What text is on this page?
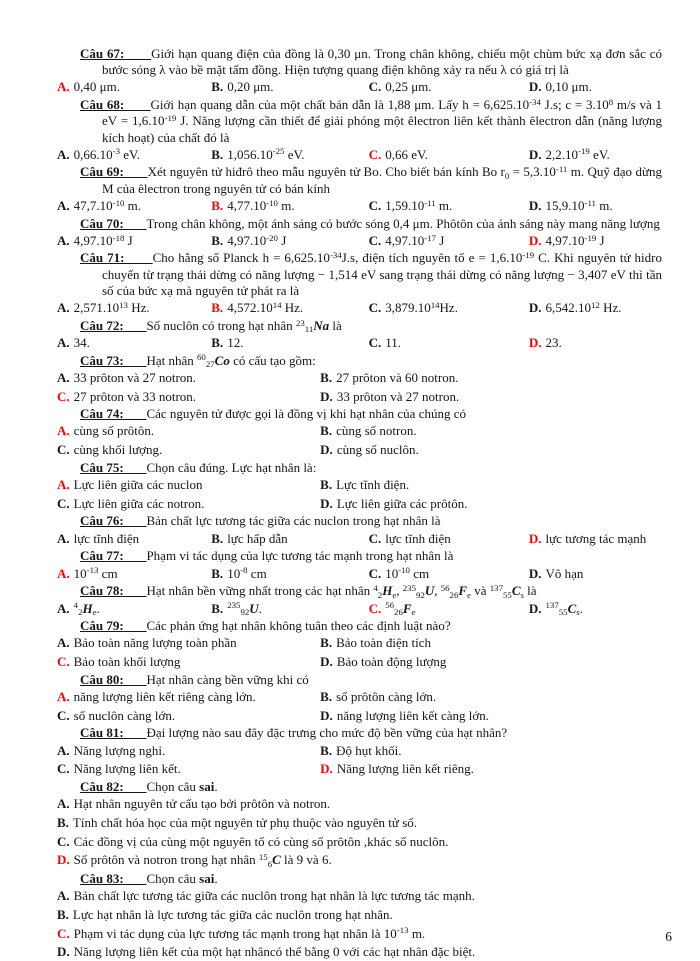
Câu 67: Giới hạn quang điện của đồng là 0,30 μn. Trong chân không, chiếu một chùm bức xạ đơn sắc có bước sóng λ vào bề mặt tấm đồng. Hiện tượng quang điện không xảy ra nếu λ có giá trị là
A. 0,40 μm.	B. 0,20 μm.	C. 0,25 μm.	D. 0,10 μm.
Câu 68: Giới hạn quang dẫn của một chất bán dẫn là 1,88 μm. Lấy $h = 6,625.10^{-34}$ J.s; $c = 3.10^8$ m/s và 1 eV = $1,6.10^{-19}$ J. Năng lượng cần thiết để giải phóng một êlectron liên kết thành êlectron dẫn (năng lượng kích hoạt) của chất đó là
A. $0,66.10^{-3}$ eV.	B. $1,056.10^{-25}$ eV.	C. 0,66 eV.	D. $2,2.10^{-19}$ eV.
Câu 69: Xét nguyên tử hiđrô theo mẫu nguyên tử Bo. Cho biết bán kính Bo $r_0 = 5,3.10^{-11}$ m. Quỹ đạo dừng M của êlectron trong nguyên tử có bán kính
A. $47,7.10^{-10}$ m.	B. $4,77.10^{-10}$ m.	C. $1,59.10^{-11}$ m.	D. $15,9.10^{-11}$ m.
Câu 70: Trong chân không, một ánh sáng có bước sóng 0,4 μm. Phôtôn của ánh sáng này mang năng lượng
A. $4,97.10^{-18}$ J	B. $4,97.10^{-20}$ J	C. $4,97.10^{-17}$ J	D. $4,97.10^{-19}$ J
Câu 71: Cho hằng số Planck $h = 6,625.10^{-34}J.s$, điện tích nguyên tố $e = 1,6.10^{-19}$ C. Khi nguyên tử hidro chuyển từ trạng thái dừng có năng lượng − 1,514 eV sang trạng thái dừng có năng lượng − 3,407 eV thì tần số của bức xạ mà nguyên tử phát ra là
A. 2,571.10$^{13}$ Hz.	B. 4,572.10$^{14}$ Hz.	C. 3,879.10$^{14}$Hz.	D. 6,542.10$^{12}$ Hz.
Câu 72: Số nuclôn có trong hạt nhân $^{23}_{11}$Na là
A. 34.	B. 12.	C. 11.	D. 23.
Câu 73: Hạt nhân $^{60}_{27}$Co có cấu tạo gồm:
A. 33 prôton và 27 notron.	B. 27 prôton và 60 notron.
C. 27 prôton và 33 notron.	D. 33 prôton và 27 notron.
Câu 74: Các nguyên tử được gọi là đồng vị khi hạt nhân của chúng có
A. cùng số prôtôn.	B. cùng số notron.
C. cùng khối lượng.	D. cùng số nuclôn.
Câu 75: Chọn câu đúng. Lực hạt nhân là:
A. Lực liên giữa các nuclon	B. Lực tĩnh điện.
C. Lực liên giữa các notron.	D. Lực liên giữa các prôtôn.
Câu 76: Bản chất lực tương tác giữa các nuclon trong hạt nhân là
A. lực tĩnh điện	B. lực hấp dẫn	C. lực tĩnh điện	D. lực tương tác mạnh
Câu 77: Phạm vi tác dụng của lực tương tác mạnh trong hạt nhân là
A. $10^{-13}$ cm	B. $10^{-8}$ cm	C. $10^{-10}$ cm	D. Vô hạn
Câu 78: Hạt nhân bền vững nhất trong các hạt nhân $^4_2H_e$, $^{235}_{92}$U, $^{56}_{26}F_e$ và $^{137}_{55}C_s$ là
A. $^4_2H_e$.	B. $^{235}_{92}$U.	C. $^{56}_{26}F_e$	D. $^{137}_{55}C_s$.
Câu 79: Các phản ứng hạt nhân không tuân theo các định luật nào?
A. Bảo toàn năng lượng toàn phần	B. Bảo toàn điện tích
C. Bảo toàn khối lượng	D. Bảo toàn động lượng
Câu 80: Hạt nhân càng bền vững khi có
A. năng lượng liên kết riêng càng lớn.	B. số prôtôn càng lớn.
C. số nuclôn càng lớn.	D. năng lượng liên kết càng lớn.
Câu 81: Đại lượng nào sau đây đặc trưng cho mức độ bền vững của hạt nhân?
A. Năng lượng nghỉ.	B. Độ hụt khối.
C. Năng lượng liên kết.	D. Năng lượng liên kết riêng.
Câu 82: Chọn câu sai.
A. Hạt nhân nguyên tử cấu tạo bởi prôtôn và notron.
B. Tính chất hóa học của một nguyên tử phụ thuộc vào nguyên tử số.
C. Các đồng vị của cùng một nguyên tố có cùng số prôtôn ,khác số nuclôn.
D. Số prôtôn và notron trong hạt nhân $^{15}_6$C là 9 và 6.
Câu 83: Chọn câu sai.
A. Bản chất lực tương tác giữa các nuclôn trong hạt nhân là lực tương tác mạnh.
B. Lực hạt nhân là lực tương tác giữa các nuclôn trong hạt nhân.
C. Phạm vi tác dụng của lực tương tác mạnh trong hạt nhân là $10^{-13}$ m.
D. Năng lượng liên kết của một hạt nhâncó thể bằng 0 với các hạt nhân đặc biệt.
6
